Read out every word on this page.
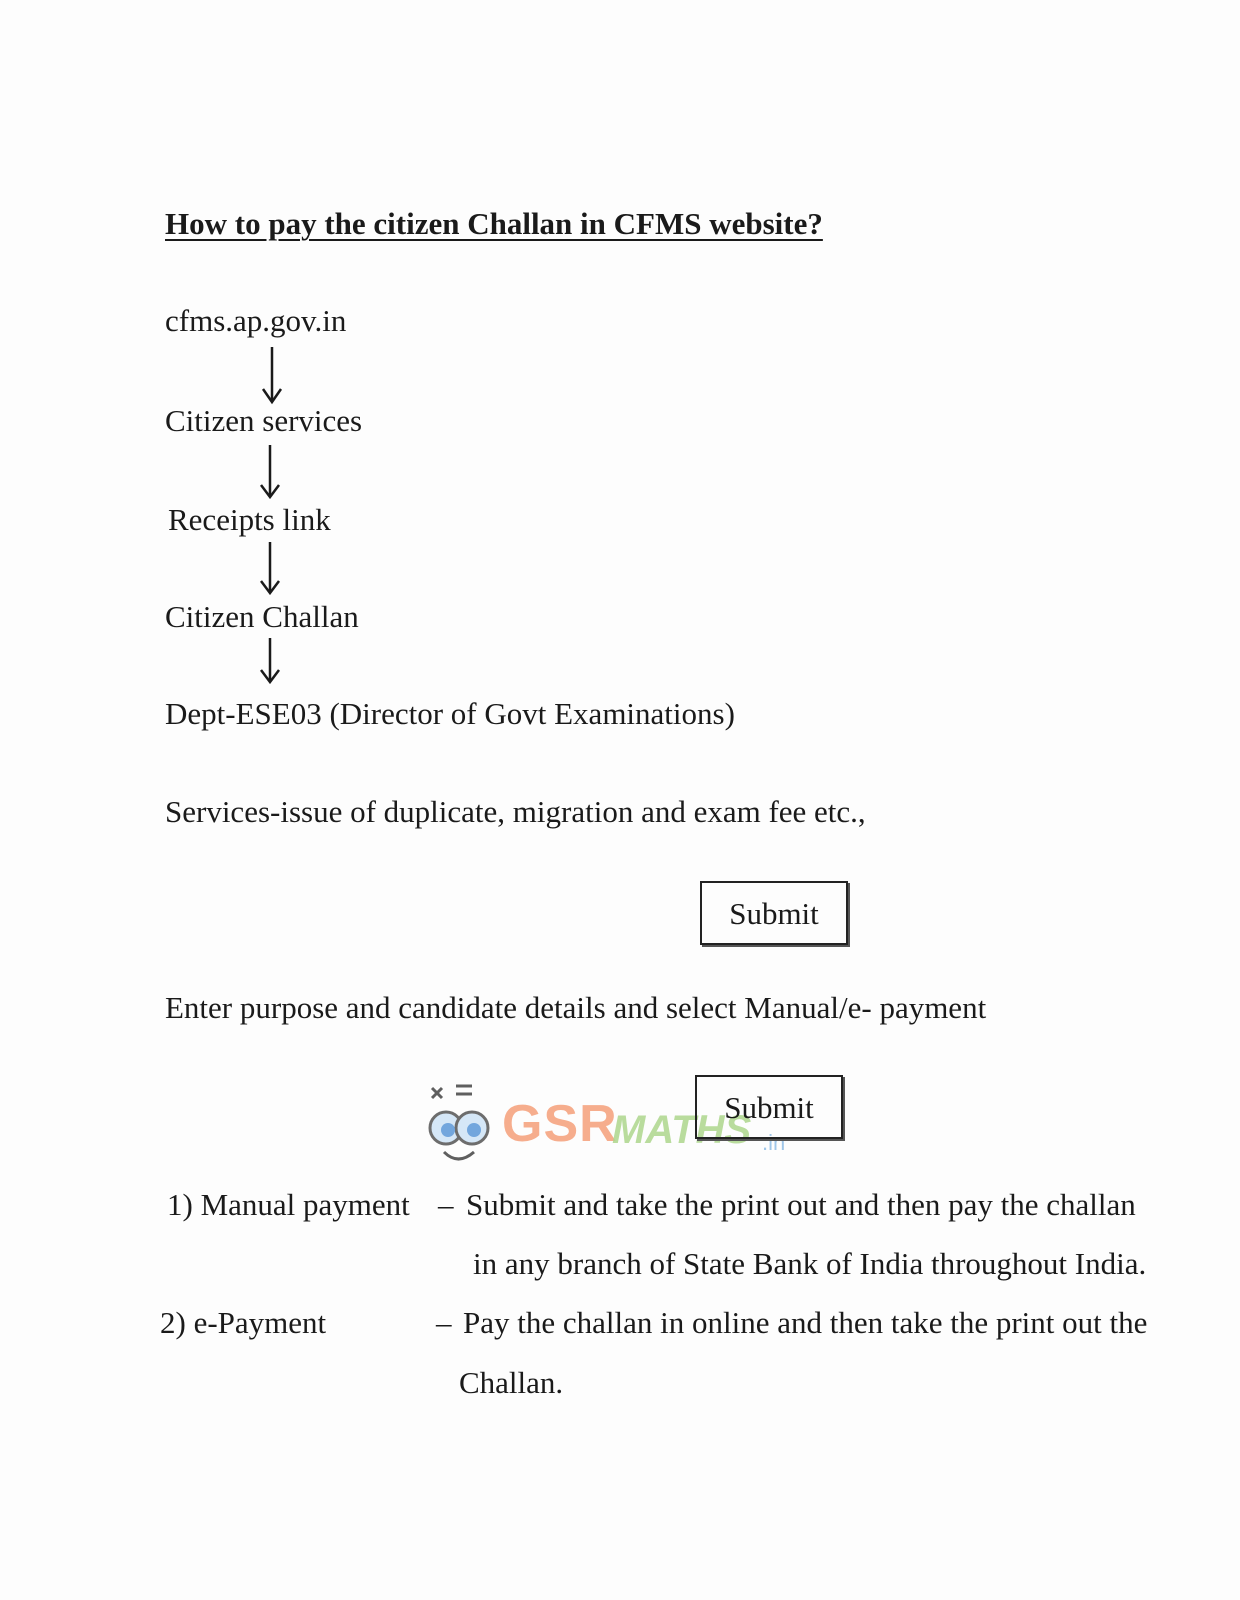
How to pay the citizen Challan in CFMS website?
cfms.ap.gov.in
Citizen services
Receipts link
Citizen Challan
Dept-ESE03 (Director of Govt Examinations)
Services-issue of duplicate, migration and exam fee etc.,
Submit
Enter purpose and candidate details and select Manual/e- payment
GSR
MATHS .in
Submit
1) Manual payment – Submit and take the print out and then pay the challan
in any branch of State Bank of India throughout India.
2) e-Payment	– Pay the challan in online and then take the print out the
Challan.
